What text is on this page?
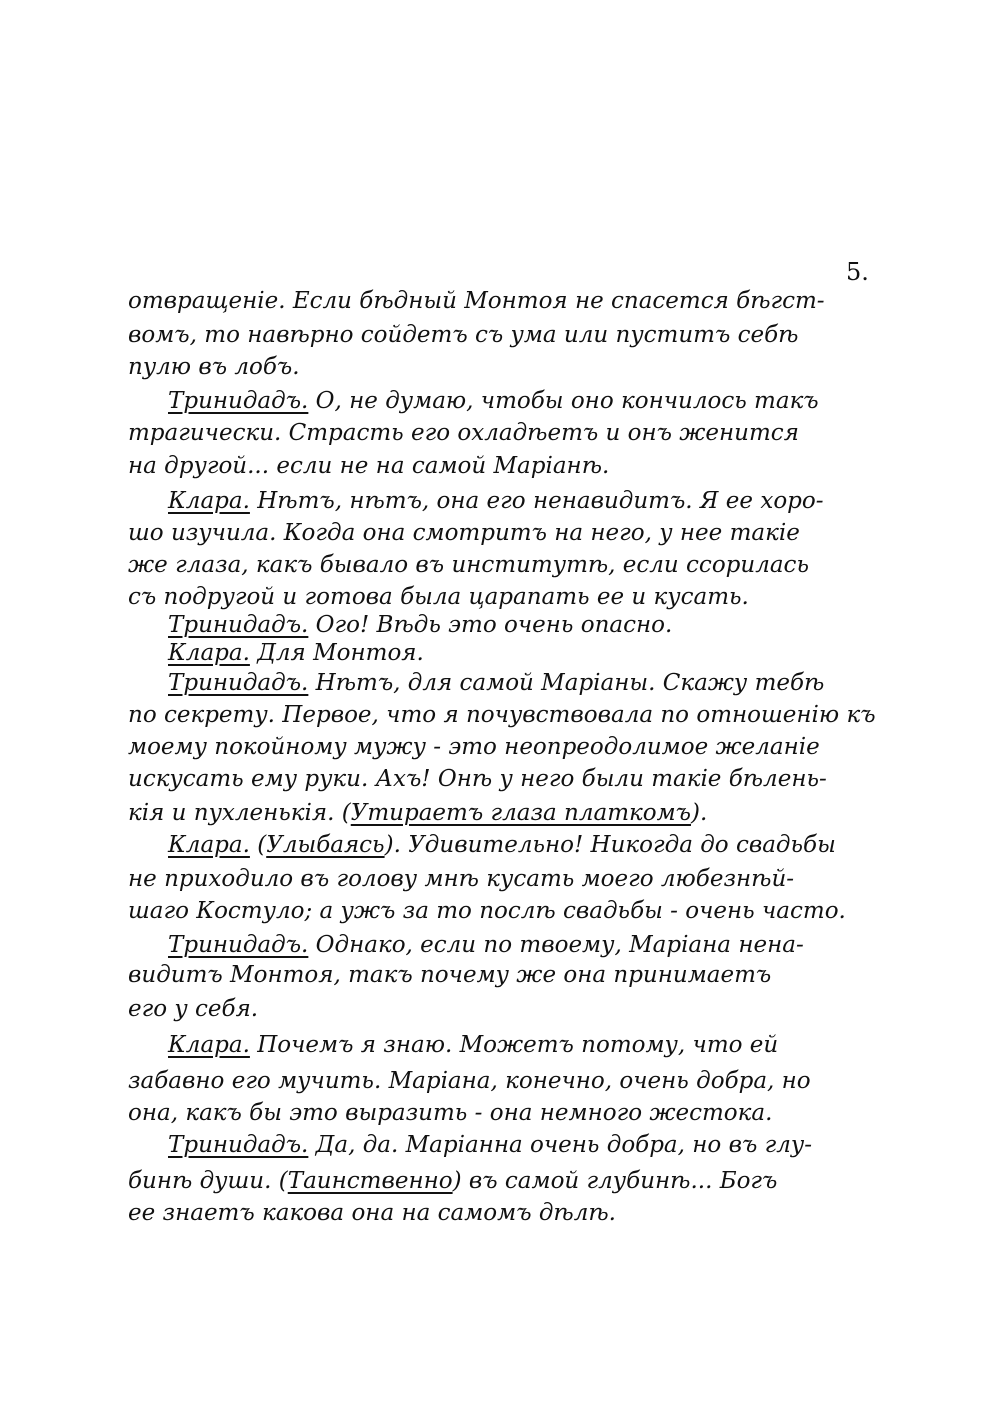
5.
отвращеніе. Если бѣдный Монтоя не спасется бѣгст-
вомъ, то навѣрно сойдетъ съ ума или пуститъ себѣ
пулю въ лобъ.
Тринидадъ. О, не думаю, чтобы оно кончилось такъ
трагически. Страсть его охладѣетъ и онъ женится
на другой... если не на самой Маріанѣ.
Клара. Нѣтъ, нѣтъ, она его ненавидитъ. Я ее хоро-
шо изучила. Когда она смотритъ на него, у нее такіе
же глаза, какъ бывало въ институтѣ, если ссорилась
съ подругой и готова была царапать ее и кусать.
Тринидадъ. Ого! Вѣдь это очень опасно.
Клара. Для Монтоя.
Тринидадъ. Нѣтъ, для самой Маріаны. Скажу тебѣ
по секрету. Первое, что я почувствовала по отношенію къ
моему покойному мужу - это неопреодолимое желаніе
искусать ему руки. Ахъ! Онѣ у него были такіе бѣлень-
кія и пухленькія. (Утираетъ глаза платкомъ).
Клара. (Улыбаясь). Удивительно! Никогда до свадьбы
не приходило въ голову мнѣ кусать моего любезнѣй-
шаго Костуло; а ужъ за то послѣ свадьбы - очень часто.
Тринидадъ. Однако, если по твоему, Маріана нена-
видитъ Монтоя, такъ почему же она принимаетъ
его у себя.
Клара. Почемъ я знаю. Можетъ потому, что ей
забавно его мучить. Маріана, конечно, очень добра, но
она, какъ бы это выразить - она немного жестока.
Тринидадъ. Да, да. Маріанна очень добра, но въ глу-
бинѣ души. (Таинственно) въ самой глубинѣ... Богъ
ее знаетъ какова она на самомъ дѣлѣ.
